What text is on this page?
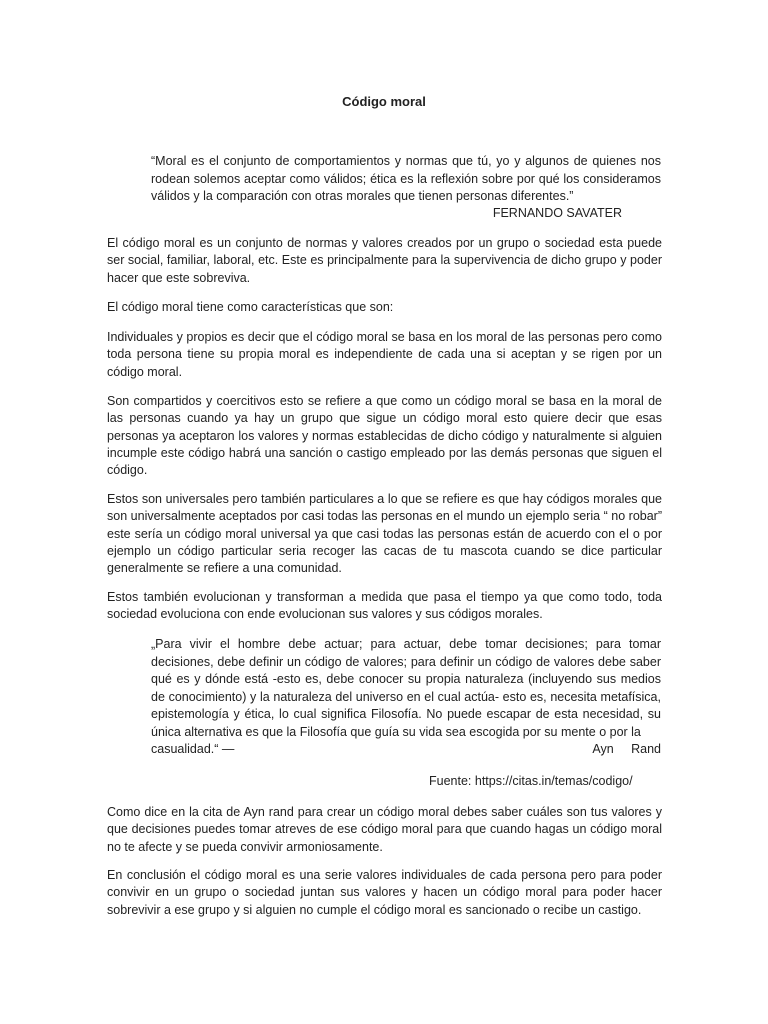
Código moral

“Moral es el conjunto de comportamientos y normas que tú, yo y algunos de quienes nos rodean solemos aceptar como válidos; ética es la reflexión sobre por qué los consideramos válidos y la comparación con otras morales que tienen personas diferentes.”

FERNANDO SAVATER

El código moral es un conjunto de normas y valores creados por un grupo o sociedad esta puede ser social, familiar, laboral, etc. Este es principalmente para la supervivencia de dicho grupo y poder hacer que este sobreviva.

El código moral tiene como características que son:

Individuales y propios es decir que el código moral se basa en los moral de las personas pero como toda persona tiene su propia moral es independiente de cada una si aceptan y se rigen por un código moral.

Son compartidos y coercitivos esto se refiere a que como un código moral se basa en la moral de las personas cuando ya hay un grupo que sigue un código moral esto quiere decir que esas personas ya aceptaron los valores y normas establecidas de dicho código y naturalmente si alguien incumple este código habrá una sanción o castigo empleado por las demás personas que siguen el código.

Estos son universales pero también particulares a lo que se refiere es que hay códigos morales que son universalmente aceptados por casi todas las personas en el mundo un ejemplo seria “ no robar” este sería un código moral universal ya que casi todas las personas están de acuerdo con el o por ejemplo un código particular seria recoger las cacas de tu mascota cuando se dice particular generalmente se refiere a una comunidad.

Estos también evolucionan y transforman a medida que pasa el tiempo ya que como todo, toda sociedad evoluciona con ende evolucionan sus valores y sus códigos morales.

„Para vivir el hombre debe actuar; para actuar, debe tomar decisiones; para tomar decisiones, debe definir un código de valores; para definir un código de valores debe saber qué es y dónde está -esto es, debe conocer su propia naturaleza (incluyendo sus medios de conocimiento) y la naturaleza del universo en el cual actúa- esto es, necesita metafísica, epistemología y ética, lo cual significa Filosofía. No puede escapar de esta necesidad, su única alternativa es que la Filosofía que guía su vida sea escogida por su mente o por la

casualidad.“ —	Ayn Rand

Fuente: https://citas.in/temas/codigo/

Como dice en la cita de Ayn rand para crear un código moral debes saber cuáles son tus valores y que decisiones puedes tomar atreves de ese código moral para que cuando hagas un código moral no te afecte y se pueda convivir armoniosamente.

En conclusión el código moral es una serie valores individuales de cada persona pero para poder convivir en un grupo o sociedad juntan sus valores y hacen un código moral para poder hacer sobrevivir a ese grupo y si alguien no cumple el código moral es sancionado o recibe un castigo.
